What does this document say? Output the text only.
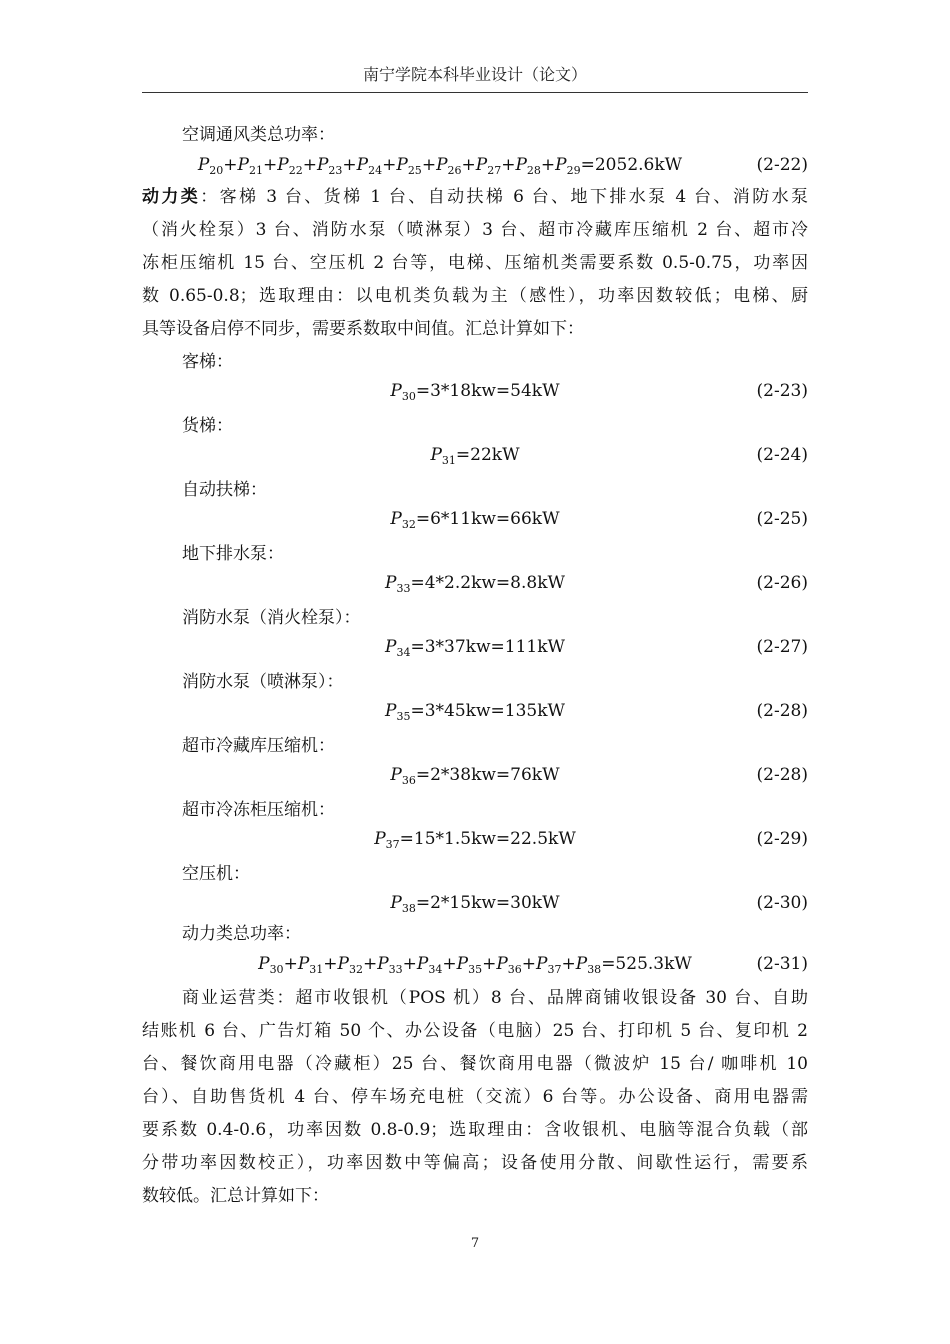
南宁学院本科毕业设计（论文）
空调通风类总功率：
$P_{20}+P_{21}+P_{22}+P_{23}+P_{24}+P_{25}+P_{26}+P_{27}+P_{28}+P_{29}=2052.6kW$	(2-22)
动力类：客梯 3 台、货梯 1 台、自动扶梯 6 台、地下排水泵 4 台、消防水泵
（消火栓泵）3 台、消防水泵（喷淋泵）3 台、超市冷藏库压缩机 2 台、超市冷
冻柜压缩机 15 台、空压机 2 台等，电梯、压缩机类需要系数 0.5-0.75，功率因
数 0.65-0.8；选取理由：以电机类负载为主（感性），功率因数较低；电梯、厨
具等设备启停不同步，需要系数取中间值。汇总计算如下：
客梯：
$P_{30}=3*18kw=54kW$	(2-23)
货梯：
$P_{31}=22kW$	(2-24)
自动扶梯：
$P_{32}=6*11kw=66kW$	(2-25)
地下排水泵：
$P_{33}=4*2.2kw=8.8kW$	(2-26)
消防水泵（消火栓泵）：
$P_{34}=3*37kw=111kW$	(2-27)
消防水泵（喷淋泵）：
$P_{35}=3*45kw=135kW$	(2-28)
超市冷藏库压缩机：
$P_{36}=2*38kw=76kW$	(2-28)
超市冷冻柜压缩机：
$P_{37}=15*1.5kw=22.5kW$	(2-29)
空压机：
$P_{38}=2*15kw=30kW$	(2-30)
动力类总功率：
$P_{30}+P_{31}+P_{32}+P_{33}+P_{34}+P_{35}+P_{36}+P_{37}+P_{38}=525.3kW$	(2-31)
商业运营类：超市收银机（POS 机）8 台、品牌商铺收银设备 30 台、自助
结账机 6 台、广告灯箱 50 个、办公设备（电脑）25 台、打印机 5 台、复印机 2
台、餐饮商用电器（冷藏柜）25 台、餐饮商用电器（微波炉 15 台/ 咖啡机 10
台）、自助售货机 4 台、停车场充电桩（交流）6 台等。办公设备、商用电器需
要系数 0.4-0.6，功率因数 0.8-0.9；选取理由：含收银机、电脑等混合负载（部
分带功率因数校正），功率因数中等偏高；设备使用分散、间歇性运行，需要系
数较低。汇总计算如下：
7
